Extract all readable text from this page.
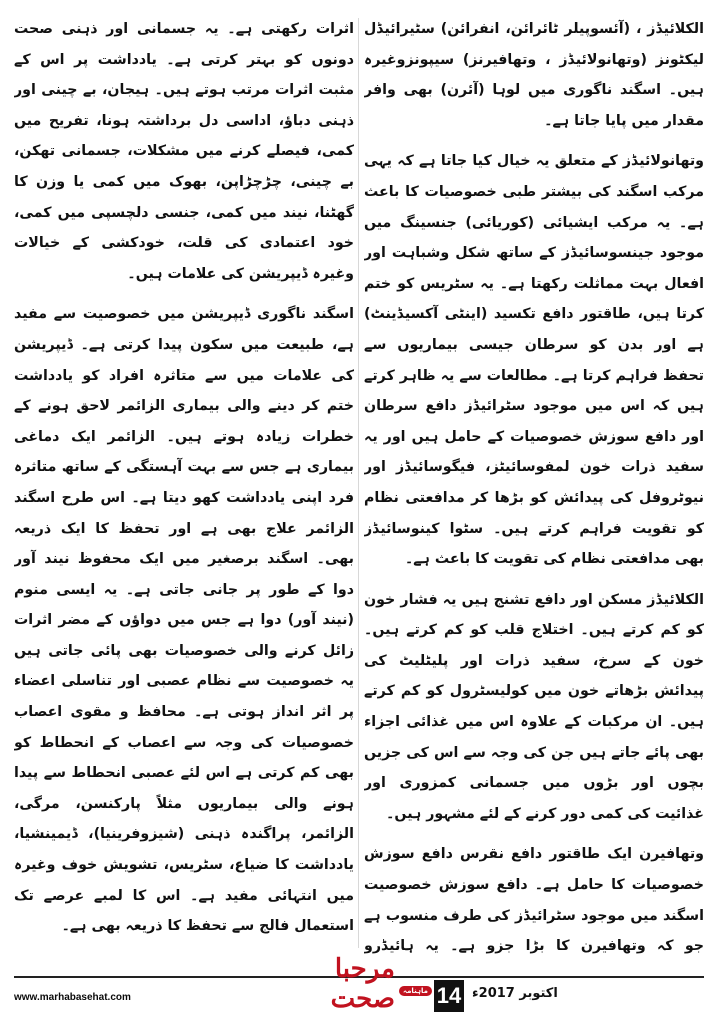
الکلائیڈز ، (آئسوپیلر ٹائرائن، انفرائن) سٹیرائیڈل لیکٹونز (وتھانولائیڈز ، وتھافیرنز) سیپونزوغیرہ ہیں۔ اسگند ناگوری میں لوہا (آئرن) بھی وافر مقدار میں پایا جاتا ہے۔

وتھانولائیڈز کے متعلق یہ خیال کیا جاتا ہے کہ یہی مرکب اسگند کی بیشتر طبی خصوصیات کا باعث ہے۔ یہ مرکب ایشیائی (کوریائی) جنسینگ میں موجود جینسوسائیڈز کے ساتھ شکل وشباہت اور افعال بہت مماثلت رکھتا ہے۔ یہ سٹریس کو ختم کرتا ہیں، طاقتور دافع تکسید (اینٹی آکسیڈینٹ) ہے اور بدن کو سرطان جیسی بیماریوں سے تحفظ فراہم کرتا ہے۔ مطالعات سے یہ ظاہر کرتے ہیں کہ اس میں موجود سٹرائیڈز دافع سرطان اور دافع سوزش خصوصیات کے حامل ہیں اور یہ سفید ذرات خون لمفوسائیٹز، فیگوسائیڈز اور نیوٹروفل کی پیدائش کو بڑھا کر مدافعتی نظام کو تقویت فراہم کرتے ہیں۔ سٹوا کینوسائیڈز بھی مدافعتی نظام کی تقویت کا باعث ہے۔

الکلائیڈز مسکن اور دافع تشنج ہیں یہ فشار خون کو کم کرتے ہیں۔ اختلاج قلب کو کم کرتے ہیں۔ خون کے سرخ، سفید ذرات اور پلیٹلیٹ کی پیدائش بڑھاتے خون میں کولیسٹرول کو کم کرتے ہیں۔ ان مرکبات کے علاوہ اس میں غذائی اجزاء بھی پائے جاتے ہیں جن کی وجہ سے اس کی جزیں بچوں اور بڑوں میں جسمانی کمزوری اور غذائیت کی کمی دور کرنے کے لئے مشہور ہیں۔

وتھافیرن ایک طاقتور دافع نقرس دافع سوزش خصوصیات کا حامل ہے۔ دافع سوزش خصوصیت اسگند میں موجود سٹرائیڈز کی طرف منسوب ہے جو کہ وتھافیرن کا بڑا جزو ہے۔ یہ ہائیڈرو

اثرات رکھتی ہے۔ یہ جسمانی اور ذہنی صحت دونوں کو بہتر کرتی ہے۔ یادداشت پر اس کے مثبت اثرات مرتب ہوتے ہیں۔ ہیجان، بے چینی اور ذہنی دباؤ، اداسی دل برداشتہ ہونا، تفریح میں کمی، فیصلے کرنے میں مشکلات، جسمانی تھکن، بے چینی، چڑچڑاپن، بھوک میں کمی یا وزن کا گھٹنا، نیند میں کمی، جنسی دلچسپی میں کمی، خود اعتمادی کی قلت، خودکشی کے خیالات وغیرہ ڈیپریشن کی علامات ہیں۔

اسگند ناگوری ڈیپریشن میں خصوصیت سے مفید ہے، طبیعت میں سکون پیدا کرتی ہے۔ ڈیپریشن کی علامات میں سے متاثرہ افراد کو یادداشت ختم کر دینے والی بیماری الزائمر لاحق ہونے کے خطرات زیادہ ہوتے ہیں۔ الزائمر ایک دماغی بیماری ہے جس سے بہت آہستگی کے ساتھ متاثرہ فرد اپنی یادداشت کھو دیتا ہے۔ اس طرح اسگند الزائمر علاج بھی ہے اور تحفظ کا ایک ذریعہ بھی۔ اسگند برصغیر میں ایک محفوظ نیند آور دوا کے طور پر جانی جاتی ہے۔ یہ ایسی منوم (نیند آور) دوا ہے جس میں دواؤں کے مضر اثرات زائل کرنے والی خصوصیات بھی پائی جاتی ہیں یہ خصوصیت سے نظام عصبی اور تناسلی اعضاء پر اثر انداز ہوتی ہے۔ محافظ و مقوی اعصاب خصوصیات کی وجہ سے اعصاب کے انحطاط کو بھی کم کرتی ہے اس لئے عصبی انحطاط سے پیدا ہونے والی بیماریوں مثلاً پارکنسن، مرگی، الزائمر، پراگندہ ذہنی (شیزوفرینیا)، ڈیمینشیا، یادداشت کا ضیاع، سٹریس، تشویش خوف وغیرہ میں انتہائی مفید ہے۔ اس کا لمبے عرصے تک استعمال فالج سے تحفظ کا ذریعہ بھی ہے۔

www.marhabasehat.com
ماہنامہ
مرحبا صحت 14 اکتوبر 2017ء
